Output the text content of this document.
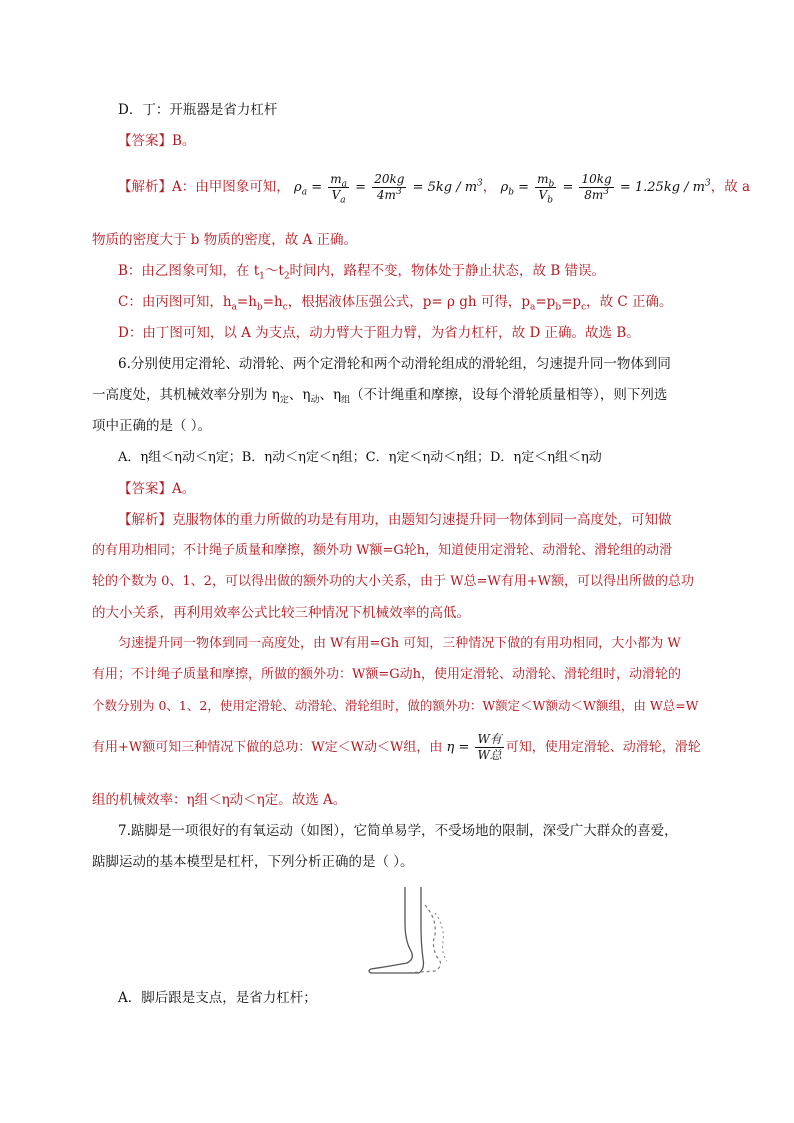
D．丁：开瓶器是省力杠杆
【答案】B。
【解析】A：由甲图象可知， $\rho_a = \frac{m_a}{V_a} = \frac{20kg}{4m^3} = 5kg / m^3$， $\rho_b = \frac{m_b}{V_b} = \frac{10kg}{8m^3} = 1.25kg / m^3$，故 a
物质的密度大于 b 物质的密度，故 A 正确。
B：由乙图象可知，在 $t_1\sim t_2$时间内，路程不变，物体处于静止状态，故 B 错误。
C：由丙图可知，$h_a=h_b=h_c$，根据液体压强公式，p= ρ gh 可得，$p_a=p_b=p_c$，故 C 正确。
D：由丁图可知，以 A 为支点，动力臂大于阻力臂，为省力杠杆，故 D 正确。故选 B。
6.分别使用定滑轮、动滑轮、两个定滑轮和两个动滑轮组成的滑轮组，匀速提升同一物体到同
一高度处，其机械效率分别为 $\eta_定$、$\eta_动$、$\eta_组$（不计绳重和摩擦，设每个滑轮质量相等），则下列选
项中正确的是（ ）。
A．η组＜η动＜η定；B．η动＜η定＜η组；C．η定＜η动＜η组；D．η定＜η组＜η动
【答案】A。
【解析】克服物体的重力所做的功是有用功，由题知匀速提升同一物体到同一高度处，可知做
的有用功相同；不计绳子质量和摩擦，额外功 W额=G轮h，知道使用定滑轮、动滑轮、滑轮组的动滑
轮的个数为 0、1、2，可以得出做的额外功的大小关系，由于 W总=W有用+W额，可以得出所做的总功
的大小关系，再利用效率公式比较三种情况下机械效率的高低。
匀速提升同一物体到同一高度处，由 W有用=Gh 可知，三种情况下做的有用功相同，大小都为 W
有用；不计绳子质量和摩擦，所做的额外功：W额=G动h，使用定滑轮、动滑轮、滑轮组时，动滑轮的
个数分别为 0、1、2，使用定滑轮、动滑轮、滑轮组时，做的额外功：W额定＜W额动＜W额组，由 W总=W
有用+W额可知三种情况下做的总功：W定＜W动＜W组，由 $\eta = \frac{\text{W有}}{\text{W总}}$ 可知，使用定滑轮、动滑轮，滑轮
组的机械效率：η组＜η动＜η定。故选 A。
7.踮脚是一项很好的有氧运动（如图），它简单易学，不受场地的限制，深受广大群众的喜爱，
踮脚运动的基本模型是杠杆，下列分析正确的是（ ）。
A．脚后跟是支点，是省力杠杆；
